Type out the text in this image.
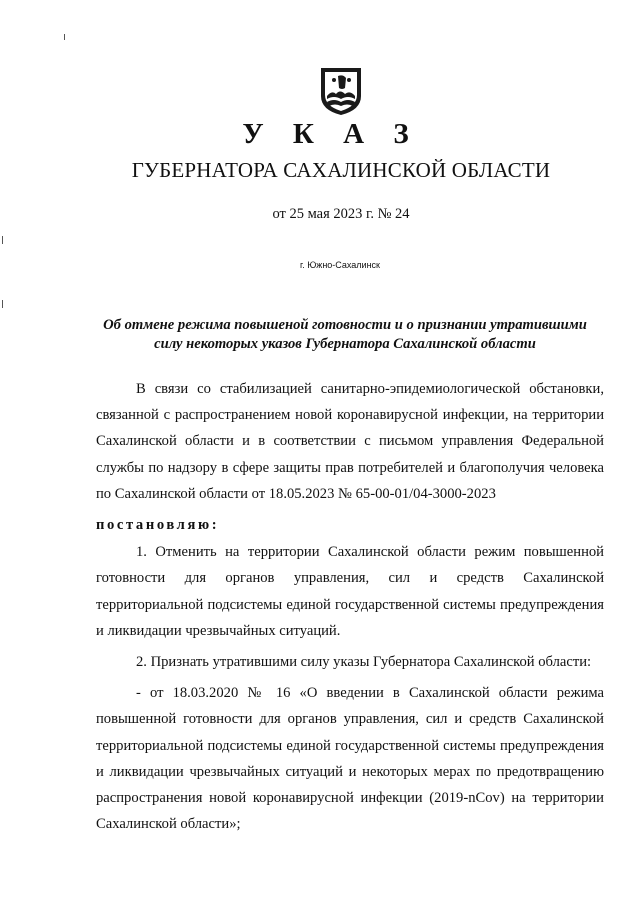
У К А З
ГУБЕРНАТОРА САХАЛИНСКОЙ ОБЛАСТИ
от 25 мая 2023 г. № 24
г. Южно-Сахалинск
Об отмене режима повышеной готовности и о признании утратившими
силу некоторых указов Губернатора Сахалинской области

В связи со стабилизацией санитарно-эпидемиологической обстановки, связанной с распространением новой коронавирусной инфекции, на территории Сахалинской области и в соответствии с письмом управления Федеральной службы по надзору в сфере защиты прав потребителей и благополучия человека по Сахалинской области от 18.05.2023 № 65-00-01/04-3000-2023

постановляю:

1. Отменить на территории Сахалинской области режим повышенной готовности для органов управления, сил и средств Сахалинской территориальной подсистемы единой государственной системы предупреждения и ликвидации чрезвычайных ситуаций.

2. Признать утратившими силу указы Губернатора Сахалинской области:

- от 18.03.2020 № 16 «О введении в Сахалинской области режима повышенной готовности для органов управления, сил и средств Сахалинской территориальной подсистемы единой государственной системы предупреждения и ликвидации чрезвычайных ситуаций и некоторых мерах по предотвращению распространения новой коронавирусной инфекции (2019-nCov) на территории Сахалинской области»;
